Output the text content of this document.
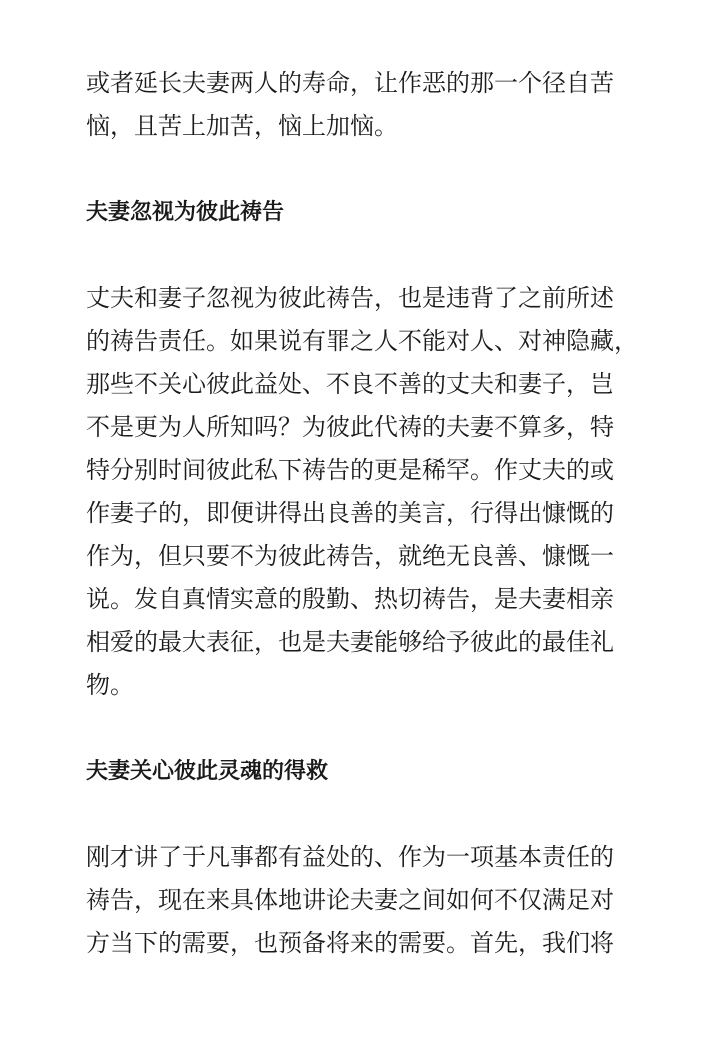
或者延长夫妻两人的寿命，让作恶的那一个径自苦
恼，且苦上加苦，恼上加恼。

夫妻忽视为彼此祷告

丈夫和妻子忽视为彼此祷告，也是违背了之前所述
的祷告责任。如果说有罪之人不能对人、对神隐藏，
那些不关心彼此益处、不良不善的丈夫和妻子，岂
不是更为人所知吗？为彼此代祷的夫妻不算多，特
特分别时间彼此私下祷告的更是稀罕。作丈夫的或
作妻子的，即便讲得出良善的美言，行得出慷慨的
作为，但只要不为彼此祷告，就绝无良善、慷慨一
说。发自真情实意的殷勤、热切祷告，是夫妻相亲
相爱的最大表征，也是夫妻能够给予彼此的最佳礼
物。

夫妻关心彼此灵魂的得救

刚才讲了于凡事都有益处的、作为一项基本责任的
祷告，现在来具体地讲论夫妻之间如何不仅满足对
方当下的需要，也预备将来的需要。首先，我们将
